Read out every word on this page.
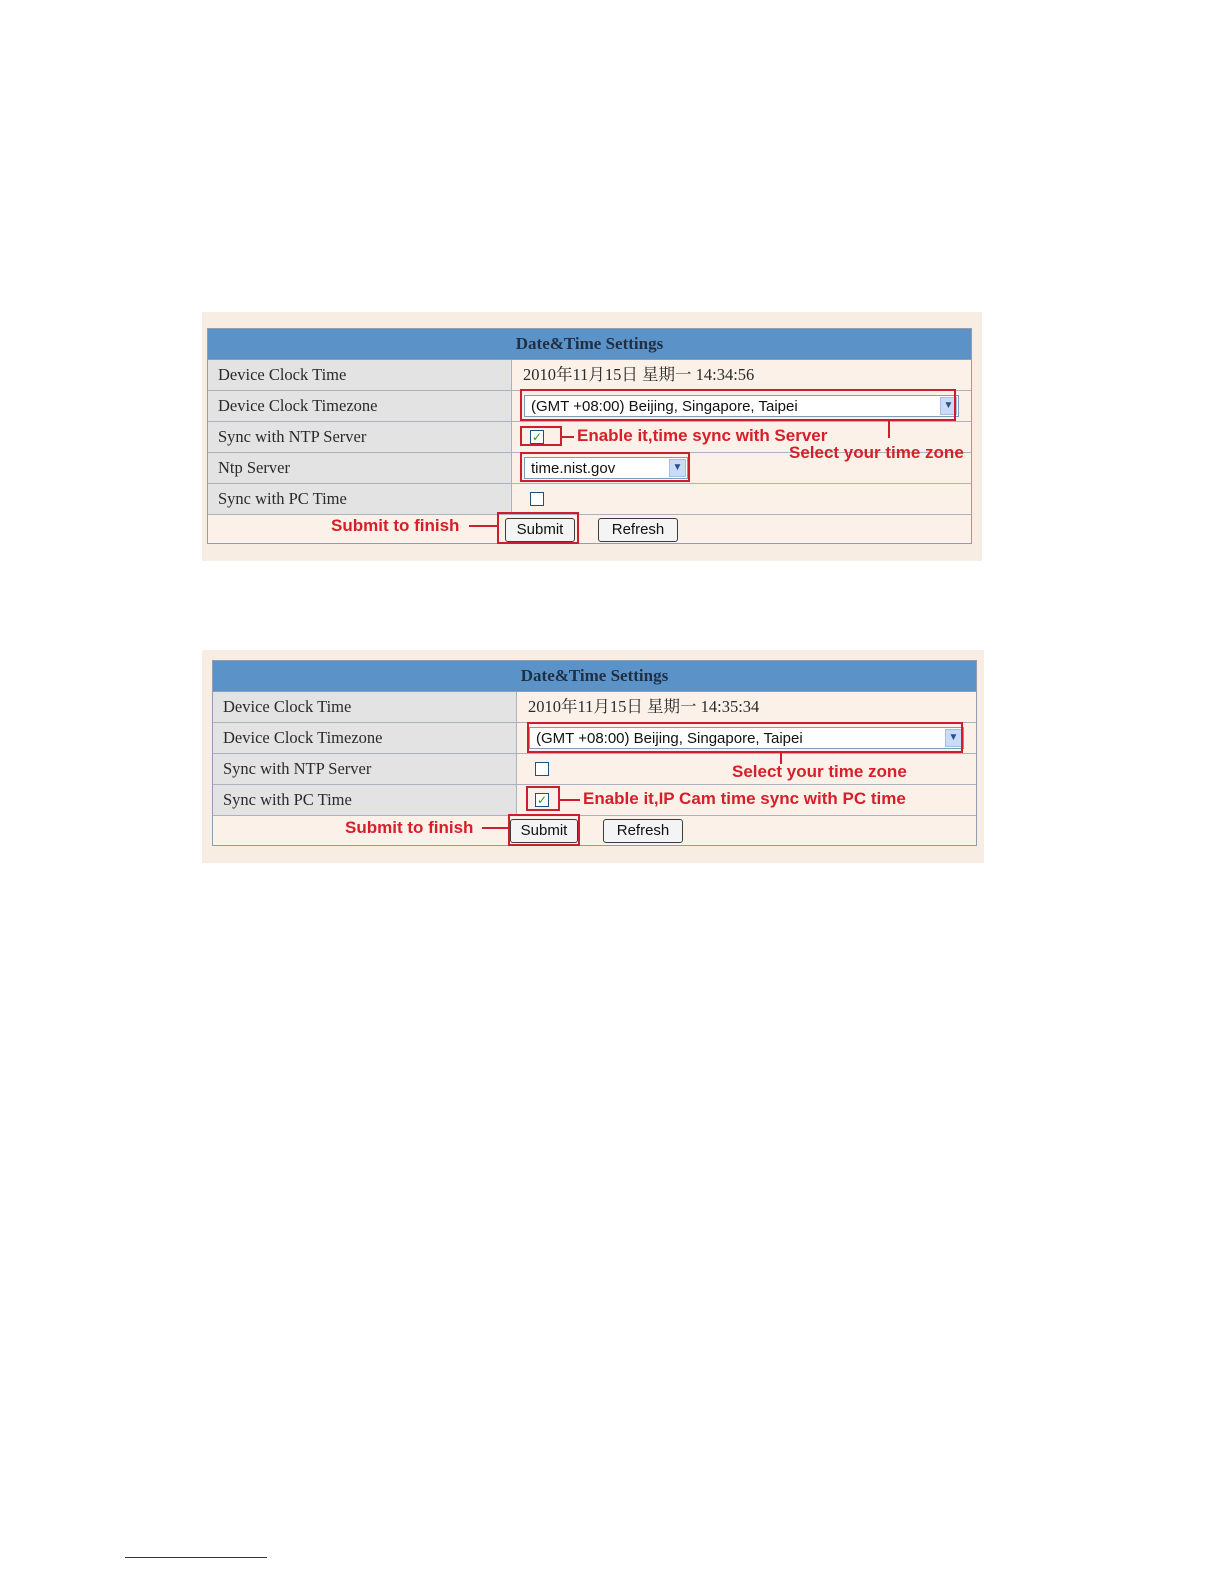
Date&Time Settings
Device Clock Time	2010年11月15日 星期一 14:34:56
Device Clock Timezone	(GMT +08:00) Beijing, Singapore, Taipei	▼
Sync with NTP Server	✓
Ntp Server	time.nist.gov	▼
Sync with PC Time
Submit	Refresh
Enable it,time sync with Server
Select your time zone
Submit to finish
Date&Time Settings
Device Clock Time	2010年11月15日 星期一 14:35:34
Device Clock Timezone	(GMT +08:00) Beijing, Singapore, Taipei	▼
Sync with NTP Server
Sync with PC Time	✓
Submit	Refresh
Select your time zone
Enable it,IP Cam time sync with PC time
Submit to finish
